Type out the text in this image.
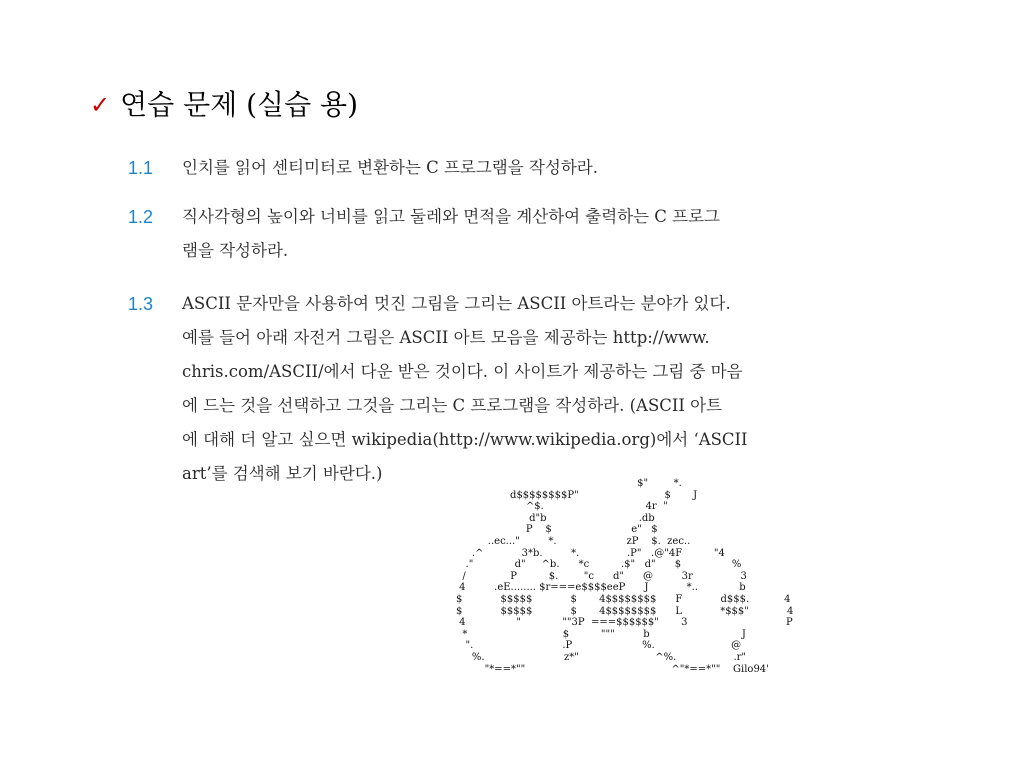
✓ 연습 문제 (실습 용)
1.1	인치를 읽어 센티미터로 변환하는 C 프로그램을 작성하라.

1.2	직사각형의 높이와 너비를 읽고 둘레와 면적을 계산하여 출력하는 C 프로그

램을 작성하라.

1.3	ASCII 문자만을 사용하여 멋진 그림을 그리는 ASCII 아트라는 분야가 있다.

예를 들어 아래 자전거 그림은 ASCII 아트 모음을 제공하는 http://www.

chris.com/ASCII/에서 다운 받은 것이다. 이 사이트가 제공하는 그림 중 마음

에 드는 것을 선택하고 그것을 그리는 C 프로그램을 작성하라. (ASCII 아트

에 대해 더 알고 싶으면 wikipedia(http://www.wikipedia.org)에서 ‘ASCII

art’를 검색해 보기 바란다.)

$"        *.
d$$$$$$$$P"                           $       J
^$.                                4r  "
d"b                             .db
P    $                         e"   $
..ec..."         *.                      zP    $.  zec..
.^            3*b.         *.               .P"   .@"4F          "4
."             d"     ^b.      *c          .$"   d"      $                %
/              P          $.        "c      d"      @         3r               3
4         .eE........ $r===e$$$$eeP      J            *..             b
$            $$$$$            $       4$$$$$$$$      F            d$$$.           4
$            $$$$$            $       4$$$$$$$$      L            *$$$"            4
4                "             ""3P  ===$$$$$$"       3                               P
*                              $          """         b                             J
".                            .P                      %.                        @
%.                         z*"                        ^%.                  .r"
"*==*""                                              ^"*==*""    Gilo94'
